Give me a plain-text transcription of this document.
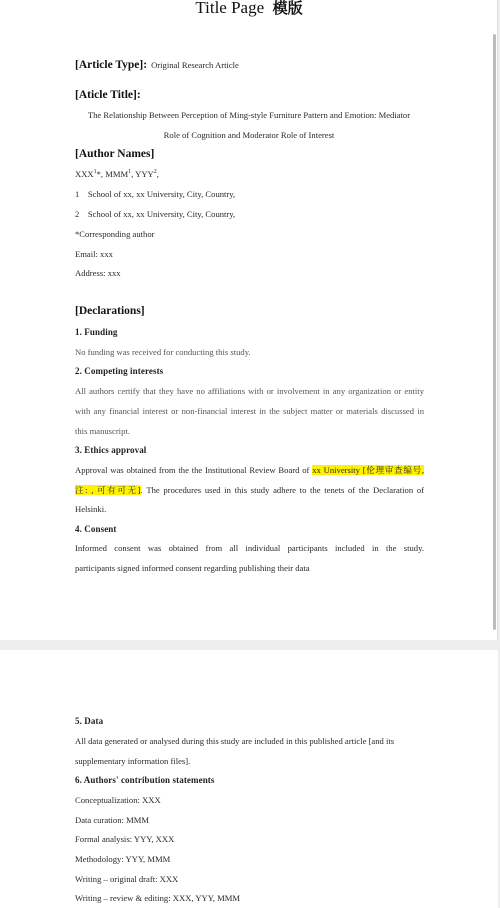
Title Page 模版
[Article Type]: Original Research Article
[Aticle Title]:
The Relationship Between Perception of Ming-style Furniture Pattern and Emotion: Mediator
Role of Cognition and Moderator Role of Interest
[Author Names]
XXX$^1$*, MMM$^1$, YYY$^2$,
1 School of xx, xx University, City, Country,
2 School of xx, xx University, City, Country,
*Corresponding author
Email: xxx
Address: xxx
[Declarations]
1. Funding
No funding was received for conducting this study.
2. Competing interests
All authors certify that they have no affiliations with or involvement in any organization or entity
with any financial interest or non-financial interest in the subject matter or materials discussed in
this manuscript.
3. Ethics approval
Approval was obtained from the the Institutional Review Board of xx University [伦理审查编号,
注: , 可有可无]. The procedures used in this study adhere to the tenets of the Declaration of
Helsinki.
4. Consent
Informed consent was obtained from all individual participants included in the study.
participants signed informed consent regarding publishing their data
5. Data
All data generated or analysed during this study are included in this published article [and its
supplementary information files].
6. Authors' contribution statements
Conceptualization: XXX
Data curation: MMM
Formal analysis: YYY, XXX
Methodology: YYY, MMM
Writing – original draft: XXX
Writing – review & editing: XXX, YYY, MMM
